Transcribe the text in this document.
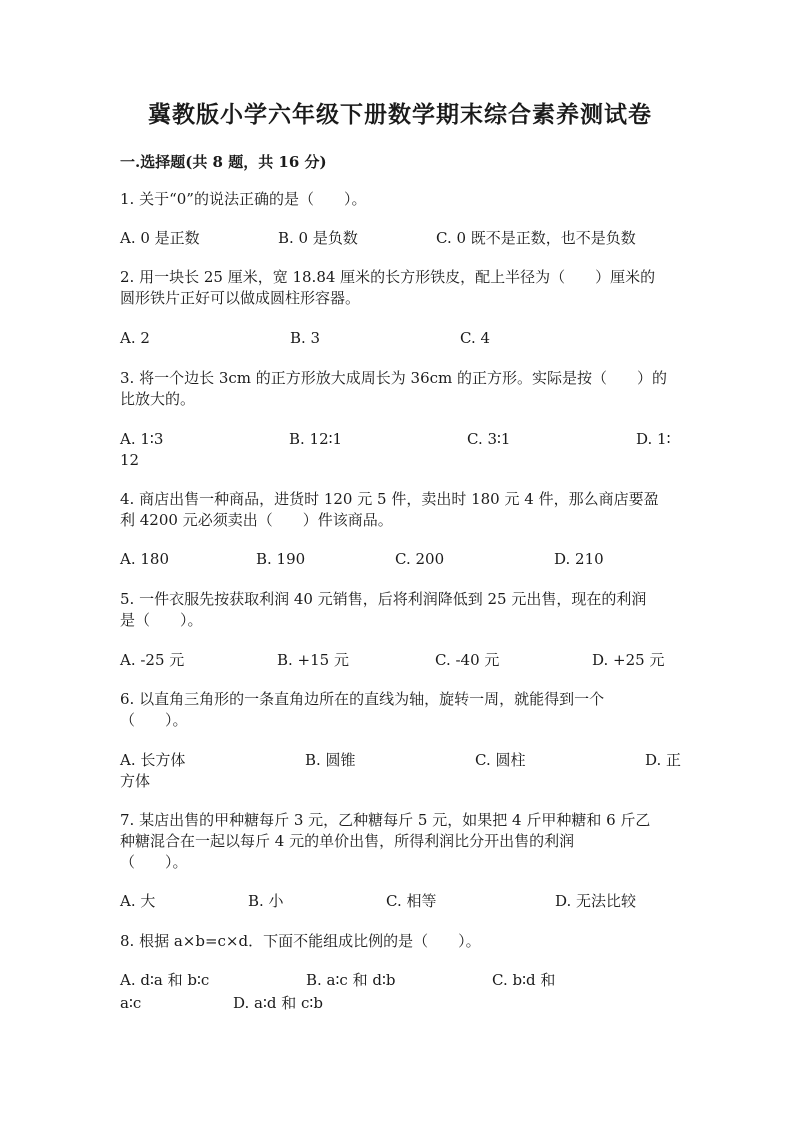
冀教版小学六年级下册数学期末综合素养测试卷
一.选择题(共 8 题，共 16 分)
1. 关于“0”的说法正确的是（　　）。
A. 0 是正数	B. 0 是负数	C. 0 既不是正数，也不是负数
2. 用一块长 25 厘米，宽 18.84 厘米的长方形铁皮，配上半径为（　　）厘米的
圆形铁片正好可以做成圆柱形容器。
A. 2	B. 3	C. 4
3. 将一个边长 3cm 的正方形放大成周长为 36cm 的正方形。实际是按（　　）的
比放大的。
A. 1∶3	B. 12∶1	C. 3∶1	D. 1∶
12
4. 商店出售一种商品，进货时 120 元 5 件，卖出时 180 元 4 件，那么商店要盈
利 4200 元必须卖出（　　）件该商品。
A. 180	B. 190	C. 200	D. 210
5. 一件衣服先按获取利润 40 元销售，后将利润降低到 25 元出售，现在的利润
是（　　）。
A. -25 元	B. +15 元	C. -40 元	D. +25 元
6. 以直角三角形的一条直角边所在的直线为轴，旋转一周，就能得到一个
（　　）。
A. 长方体	B. 圆锥	C. 圆柱	D. 正
方体
7. 某店出售的甲种糖每斤 3 元，乙种糖每斤 5 元，如果把 4 斤甲种糖和 6 斤乙
种糖混合在一起以每斤 4 元的单价出售，所得利润比分开出售的利润
（　　）。
A. 大	B. 小	C. 相等	D. 无法比较
8. 根据 a×b=c×d．下面不能组成比例的是（　　）。
A. d∶a 和 b∶c	B. a∶c 和 d∶b	C. b∶d 和
a∶c	D. a∶d 和 c∶b
